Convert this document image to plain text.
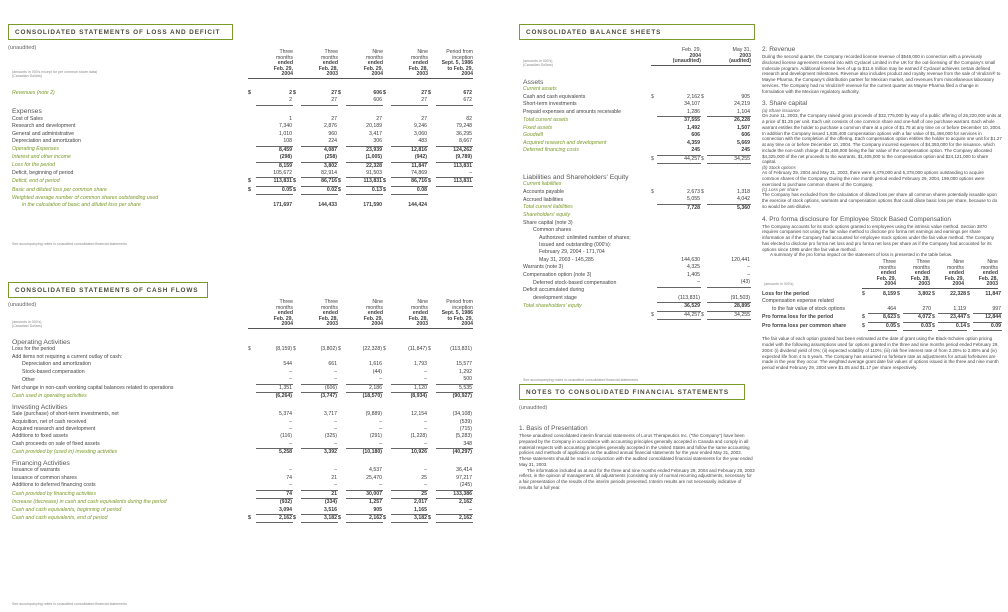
CONSOLIDATED STATEMENTS OF LOSS AND DEFICIT
(unaudited)
Three
months
ended
Feb. 29,
2004
Three
months
ended
Feb. 28,
2003
Nine
months
ended
Feb. 29,
2004
Nine
months
ended
Feb. 28,
2003
Period from
inception
Sept. 5, 1986
to Feb. 29,
2004
(amounts in 000's except for per common share data)
(Canadian Dollars)
Revenues (note 2)	$	2	$	27	$	606	$	27	$	672
		2		27		606		27		672
Expenses										
Cost of Sales		1		27		27		27		82
Research and development		7,340		2,876		20,189		9,246		79,248
General and administrative		1,010		960		3,417		3,060		36,295
Depreciation and amortization		108		224		306		483		8,667
Operating Expenses		8,459		4,087		23,939		12,816		124,262
Interest and other income		(298)		(258)		(1,005)		(942)		(9,789)
Loss for the period		8,159		3,802		22,328		11,847		113,831
Deficit, beginning of period		105,672		82,914		91,503		74,869		–
Deficit, end of period	$	113,831	$	86,716	$	113,831	$	86,716	$	113,831
Basic and diluted loss per common share	$	0.05	$	0.02	$	0.13	$	0.08		
Weighted average number of common shares outstanding used										
in the calculation of basic and diluted loss per share		171,697		144,433		171,590		144,424		
See accompanying notes to unaudited consolidated financial statements
CONSOLIDATED STATEMENTS OF CASH FLOWS
(unaudited)	Three
months
ended
Feb. 29,
2004
Three
months
ended
Feb. 28,
2003
Nine
months
ended
Feb. 29,
2004
Nine
months
ended
Feb. 28,
2003
Period from
inception
Sept. 5, 1986
to Feb. 29,
2004
(amounts in 000's)
(Canadian Dollars)
Operating Activities										
Loss for the period	$	(8,159)	$	(3,802)	$	(22,328)	$	(11,847)	$	(113,831)
Add items not requiring a current outlay of cash:										
Depreciation and amortization		544		661		1,616		1,793		15,577
Stock-based compensation		–		–		(44)		–		1,292
Other		–		–		–		–		500
Net change in non-cash working capital balances related to operations		1,351		(606)		2,186		1,120		5,535
Cash used in operating activities		(6,264)		(3,747)		(18,570)		(8,934)		(90,927)
Investing Activities										
Sale (purchase) of short-term investments, net		5,374		3,717		(9,889)		12,154		(34,108)
Acquisition, net of cash received		–		–		–		–		(539)
Acquired research and development		–		–		–		–		(715)
Additions to fixed assets		(116)		(325)		(291)		(1,228)		(5,283)
Cash proceeds on sale of fixed assets		–		–		–		–		348
Cash provided by (used in) investing activities		5,258		3,392		(10,180)		10,926		(40,297)
Financing Activities										
Issuance of warrants		–		–		4,537		–		36,414
Issuance of common shares		74		21		25,470		25		97,217
Additions to deferred financing costs		–		–		–		–		(245)
Cash provided by financing activities		74		21		30,007		25		133,386
Increase (decrease) in cash and cash equivalents during the period		(932)		(334)		1,257		2,017		2,162
Cash and cash equivalents, beginning of period		3,094		3,516		905		1,165		–
Cash and cash equivalents, end of period	$	2,162	$	3,182	$	2,162	$	3,182	$	2,162
See accompanying notes to unaudited consolidated financial statements
CONSOLIDATED BALANCE SHEETS
Feb. 29,
2004
(unaudited)
May 31,
2003
(audited)
(amounts in 000's)
(Canadian Dollars)
Assets				
Current assets				
Cash and cash equivalents	$	2,162	$	905
Short-term investments		34,107		24,219
Prepaid expenses and amounts receivable		1,286		1,104
Total current assets		37,555		26,228
Fixed assets		1,492		1,507
Goodwill		606		606
Acquired research and development		4,359		5,669
Deferred financing costs		245		245
	$	44,257	$	34,255

Liabilities and Shareholders' Equity				
Current liabilities				
Accounts payable	$	2,673	$	1,318
Accrued liabilities		5,055		4,042
Total current liabilities		7,728		5,360
Shareholders' equity				
Share capital (note 3)				
Common shares				
Authorized: unlimited number of shares;				
Issued and outstanding (000's):				
February 29, 2004 - 171,704				
May 31, 2003 - 145,285		144,630		120,441
Warrants (note 3)		4,325		–
Compensation option (note 3)		1,405		–
Deferred stock-based compensation		–		(43)
Deficit accumulated during				
development stage		(113,831)		(91,503)
Total shareholders' equity		36,529		28,895
	$	44,257	$	34,255
See accompanying notes to unaudited consolidated financial statements
NOTES TO CONSOLIDATED FINANCIAL STATEMENTS
(unaudited)
1. Basis of Presentation
These unaudited consolidated interim financial statements of Lorus Therapeutics Inc. ("the Company") have been prepared by the Company in accordance with accounting principles generally accepted in Canada and comply in all material respects with accounting principles generally accepted in the United States and follow the same accounting policies and methods of application as the audited annual financial statements for the year ended May 31, 2003. These statements should be read in conjunction with the audited consolidated financial statements for the year ended May 31, 2003.
The information included as at and for the three and nine months ended February 29, 2004 and February 28, 2003 reflect, in the opinion of management, all adjustments (consisting only of normal recurring adjustments, necessary for a fair presentation of the results of the interim periods presented. Interim results are not necessarily indicative of results for a full year.
2. Revenue
During the second quarter, the Company recorded license revenue of $546,000 in connection with a previously disclosed license agreement entered into with Cyclacel Limited in the UK for the out-licensing of the Company's small molecule program. Additional license fees of up to $11.6 million may be earned if Cyclacel achieves certain defined research and development milestones. Revenue also includes product and royalty revenue from the sale of Virulizin® to Mayne Pharma, the Company's distribution partner for Mexican market, and revenues from miscellaneous laboratory services. The Company had no Virulizin® revenue for the current quarter as Mayne Pharma filed a change in formulation with the Mexican regulatory authority.
3. Share capital
(a) Share issuance
On June 11, 2003, the Company raised gross proceeds of $32,775,000 by way of a public offering of 26,220,000 units at a price of $1.25 per unit. Each unit consists of one common share and one-half of one purchase warrant. Each whole warrant entitles the holder to purchase a common share at a price of $1.75 at any time on or before December 10, 2004. In addition the Company issued 1,835,400 compensation options with a fair value of $1,468,000 for services in connection with the completion of the offering. Each compensation option entitles the holder to acquire one unit for $1.27 at any time on or before December 10, 2004. The Company incurred expenses of $4,393,000 for the issuance, which include the non-cash charge of $1,468,000 being the fair value of the compensation option. The Company allocated $4,325,000 of the net proceeds to the warrants, $1,405,000 to the compensation option and $24,121,000 to share capital.
(b) Stock options
As of February 29, 2004 and May 31, 2003, there were 6,479,000 and 5,378,000 options outstanding to acquire common shares of the Company. During the nine month period ended February 29, 2004, 199,000 options were exercised to purchase common shares of the Company.
(c) Loss per share
The Company has excluded from the calculation of diluted loss per share all common shares potentially issuable upon the exercise of stock options, warrants and compensation options that could dilute basic loss per share, because to do so would be anti-dilutive.
4. Pro forma disclosure for Employee Stock Based Compensation
The Company accounts for its stock options granted to employees using the intrinsic value method. Section 3870 requires companies not using the fair value method to disclose pro forma net earnings and earnings per share information as if the Company had accounted for employee stock options under the fair value method. The Company has elected to disclose pro forma net loss and pro forma net loss per share as if the Company had accounted for its options since 1995 under the fair value method.
A summary of the pro forma impact on the statement of loss is presented in the table below.
Three
months
ended
Feb. 29,
2004
Three
months
ended
Feb. 28,
2003
Nine
months
ended
Feb. 29,
2004
Nine
months
ended
Feb. 28,
2003
(amounts in 000's)
Loss for the period	$	8,159	$	3,802	$	22,328	$	11,847
Compensation expense related								
to the fair value of stock options		464		270		1,119		997
Pro forma loss for the period	$	8,623	$	4,072	$	23,447	$	12,844
Pro forma loss per common share	$	0.05	$	0.03	$	0.14	$	0.09
The fair value of each option granted has been estimated at the date of grant using the Black-Scholes option pricing model with the following assumptions used for options granted in the three and nine months period ended February 29, 2004: (i) dividend yield of 0%; (ii) expected volatility of 110%; (iii) risk free interest rate of from 2.25% to 2.85% and (iv) expected life from 4 to 5 years. The Company has assumed no forfeiture rate as adjustments for actual forfeitures are made in the year they occur. The weighted average grant date fair values of options issued in the three and nine month period ended February 29, 2004 were $1.05 and $1.17 per share respectively.
